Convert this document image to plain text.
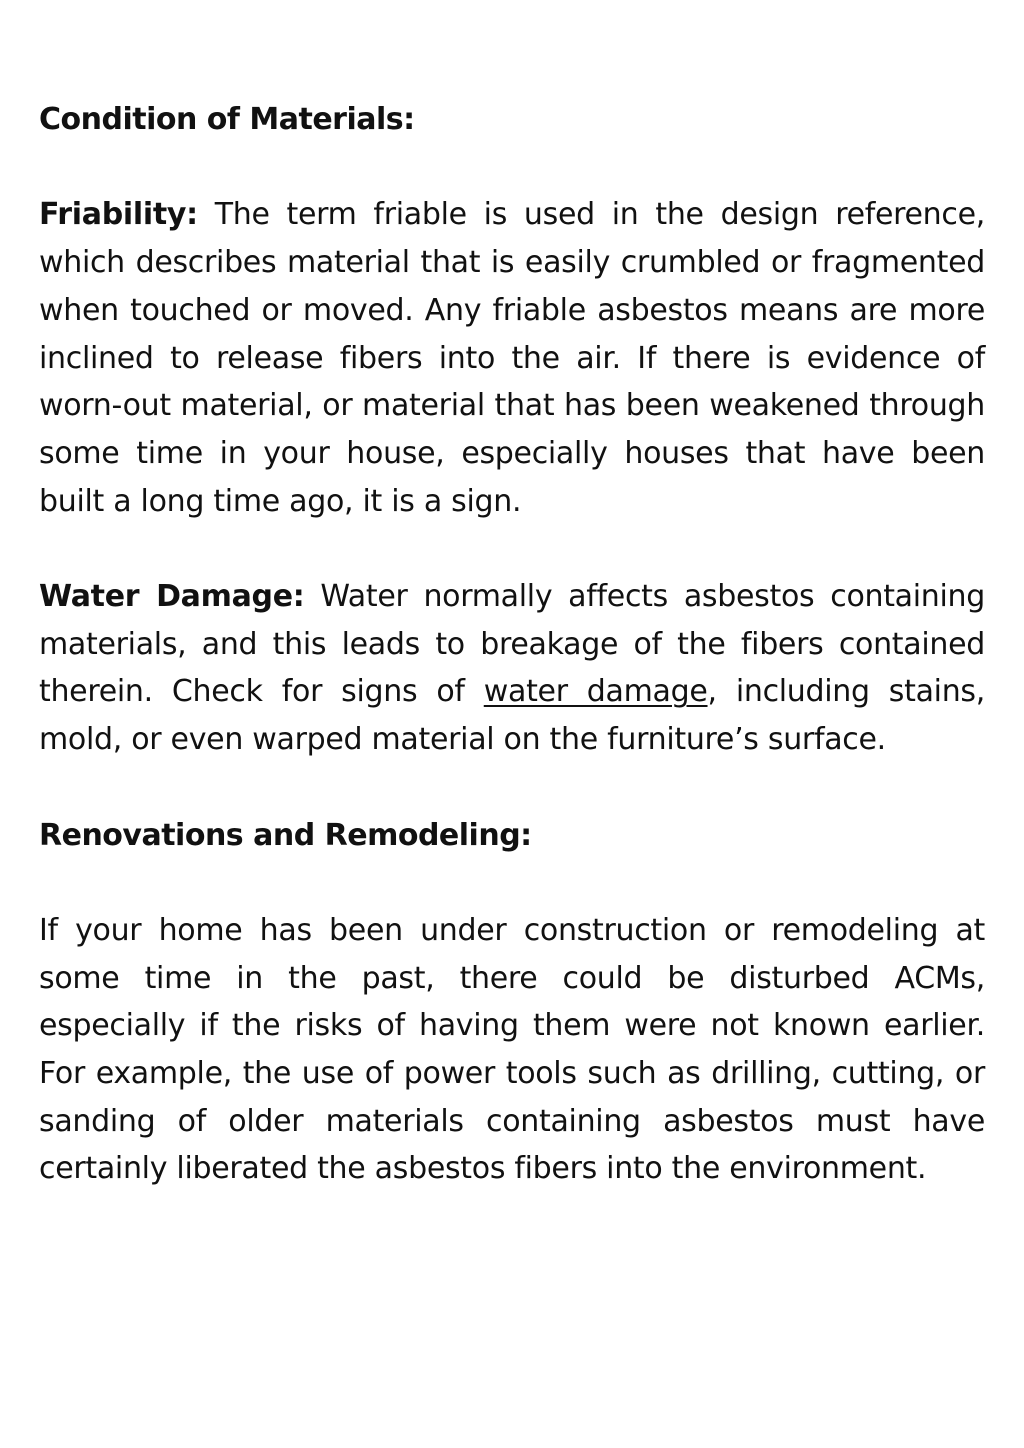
Condition of Materials:

Friability: The term friable is used in the design reference, which describes material that is easily crumbled or fragmented when touched or moved. Any friable asbestos means are more inclined to release fibers into the air. If there is evidence of worn-out material, or material that has been weakened through some time in your house, especially houses that have been built a long time ago, it is a sign.

Water Damage: Water normally affects asbestos containing materials, and this leads to breakage of the fibers contained therein. Check for signs of water damage, including stains, mold, or even warped material on the furniture’s surface.

Renovations and Remodeling:

If your home has been under construction or remodeling at some time in the past, there could be disturbed ACMs, especially if the risks of having them were not known earlier. For example, the use of power tools such as drilling, cutting, or sanding of older materials containing asbestos must have certainly liberated the asbestos fibers into the environment.
